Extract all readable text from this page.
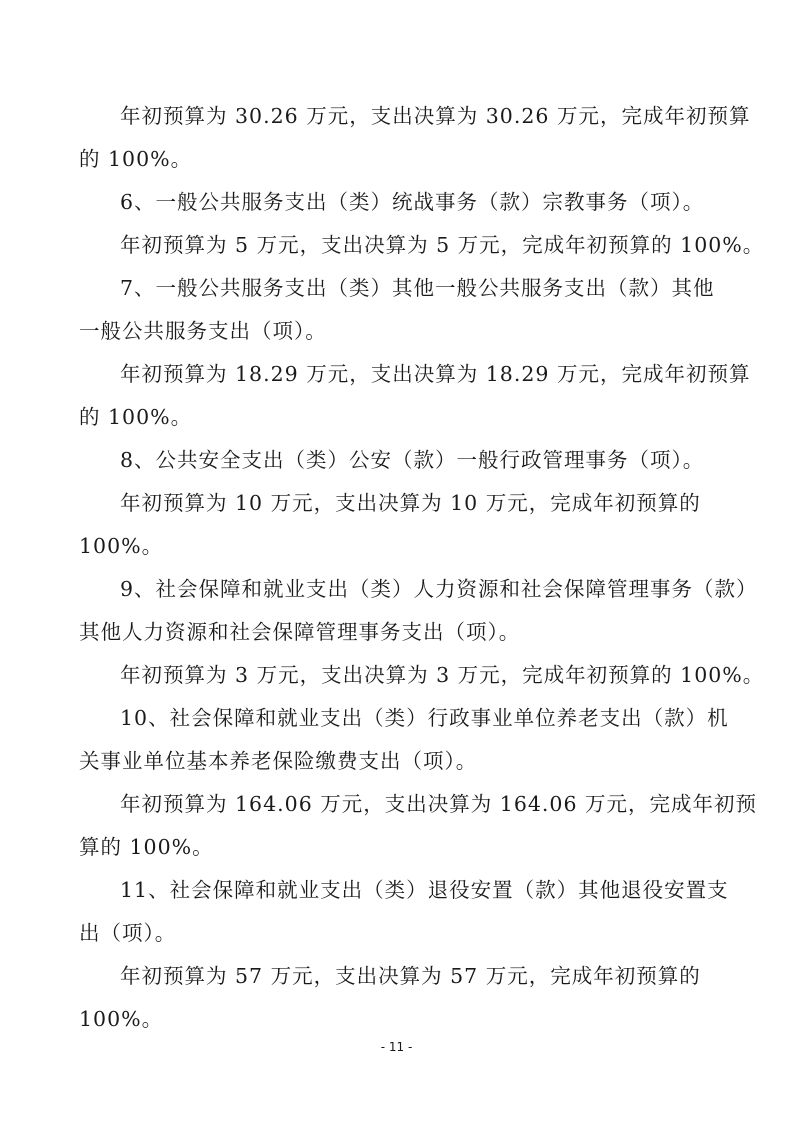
年初预算为 30.26 万元，支出决算为 30.26 万元，完成年初预算
的 100%。
6、一般公共服务支出（类）统战事务（款）宗教事务（项）。
年初预算为 5 万元，支出决算为 5 万元，完成年初预算的 100%。
7、一般公共服务支出（类）其他一般公共服务支出（款）其他
一般公共服务支出（项）。
年初预算为 18.29 万元，支出决算为 18.29 万元，完成年初预算
的 100%。
8、公共安全支出（类）公安（款）一般行政管理事务（项）。
年初预算为 10 万元，支出决算为 10 万元，完成年初预算的
100%。
9、社会保障和就业支出（类）人力资源和社会保障管理事务（款）
其他人力资源和社会保障管理事务支出（项）。
年初预算为 3 万元，支出决算为 3 万元，完成年初预算的 100%。
10、社会保障和就业支出（类）行政事业单位养老支出（款）机
关事业单位基本养老保险缴费支出（项）。
年初预算为 164.06 万元，支出决算为 164.06 万元，完成年初预
算的 100%。
11、社会保障和就业支出（类）退役安置（款）其他退役安置支
出（项）。
年初预算为 57 万元，支出决算为 57 万元，完成年初预算的
100%。
- 11 -
